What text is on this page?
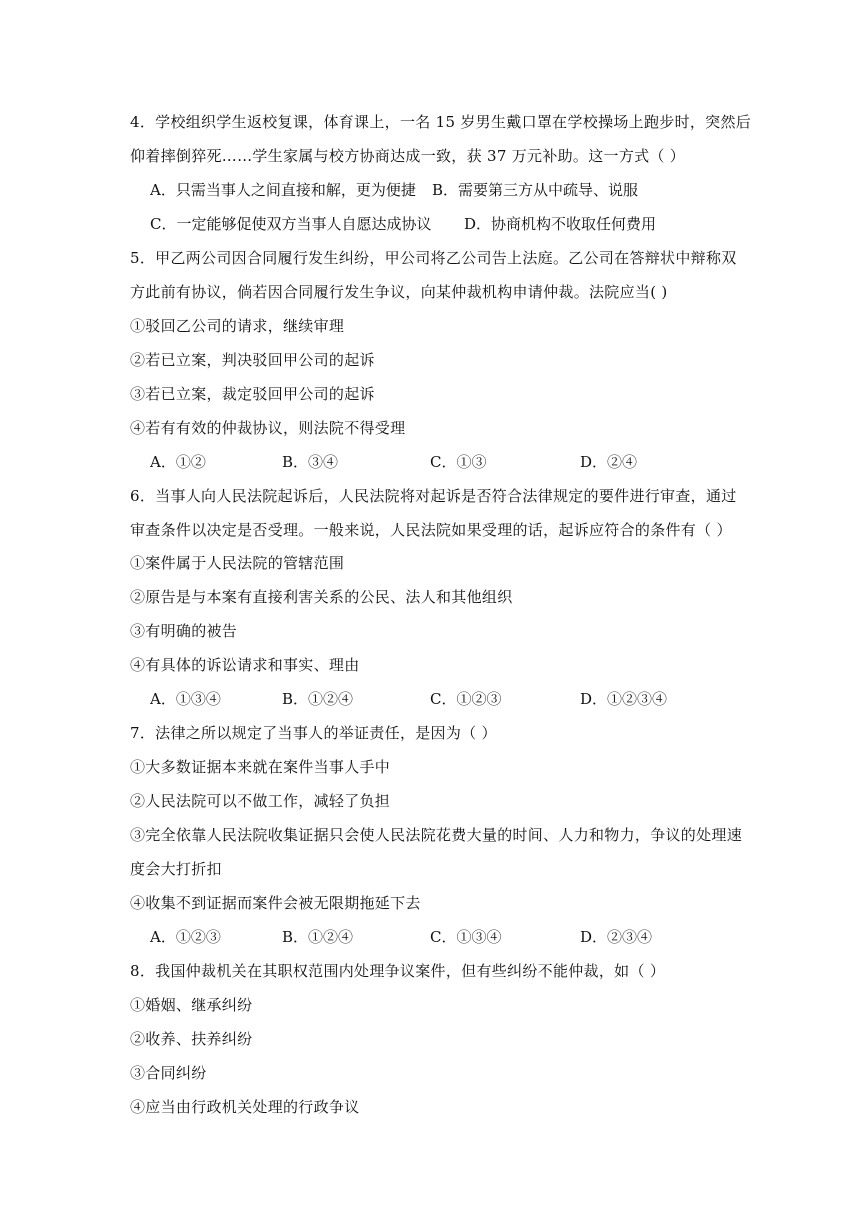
4．学校组织学生返校复课，体育课上，一名 15 岁男生戴口罩在学校操场上跑步时，突然后
仰着摔倒猝死……学生家属与校方协商达成一致，获 37 万元补助。这一方式（ ）
A．只需当事人之间直接和解，更为便捷 B．需要第三方从中疏导、说服
C．一定能够促使双方当事人自愿达成协议 D．协商机构不收取任何费用
5．甲乙两公司因合同履行发生纠纷，甲公司将乙公司告上法庭。乙公司在答辩状中辩称双
方此前有协议，倘若因合同履行发生争议，向某仲裁机构申请仲裁。法院应当( )
①驳回乙公司的请求，继续审理
②若已立案，判决驳回甲公司的起诉
③若已立案，裁定驳回甲公司的起诉
④若有有效的仲裁协议，则法院不得受理
A．①②	B．③④	C．①③	D．②④
6．当事人向人民法院起诉后，人民法院将对起诉是否符合法律规定的要件进行审查，通过
审查条件以决定是否受理。一般来说，人民法院如果受理的话，起诉应符合的条件有（ ）
①案件属于人民法院的管辖范围
②原告是与本案有直接利害关系的公民、法人和其他组织
③有明确的被告
④有具体的诉讼请求和事实、理由
A．①③④	B．①②④	C．①②③	D．①②③④
7．法律之所以规定了当事人的举证责任，是因为（ ）
①大多数证据本来就在案件当事人手中
②人民法院可以不做工作，减轻了负担
③完全依靠人民法院收集证据只会使人民法院花费大量的时间、人力和物力，争议的处理速
度会大打折扣
④收集不到证据而案件会被无限期拖延下去
A．①②③	B．①②④	C．①③④	D．②③④
8．我国仲裁机关在其职权范围内处理争议案件，但有些纠纷不能仲裁，如（ ）
①婚姻、继承纠纷
②收养、扶养纠纷
③合同纠纷
④应当由行政机关处理的行政争议
